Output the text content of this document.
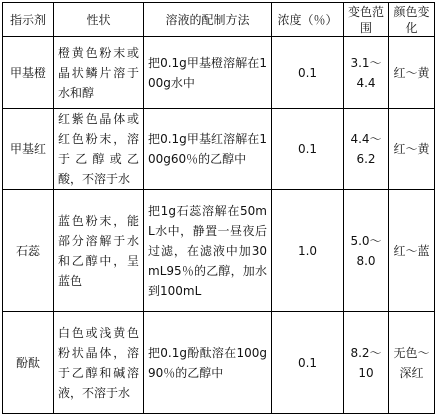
指示剂	性状	溶液的配制方法	浓度（％）	变色范围	颜色变化
甲基橙	橙黄色粉末或晶状鳞片溶于水和醇	把0.1g甲基橙溶解在100g水中	0.1	3.1～4.4	红～黄
甲基红	红紫色晶体或红色粉末，溶于乙醇或乙酸，不溶于水	把0.1g甲基红溶解在100g60％的乙醇中	0.1	4.4～6.2	红～黄
石蕊	蓝色粉末，能部分溶解于水和乙醇中，呈蓝色	把1g石蕊溶解在50mL水中，静置一昼夜后过滤，在滤液中加30mL95％的乙醇，加水到100mL	1.0	5.0～8.0	红～蓝
酚酞	白色或浅黄色粉状晶体，溶于乙醇和碱溶液，不溶于水	把0.1g酚酞溶在100g90％的乙醇中	0.1	8.2～10	无色～深红
